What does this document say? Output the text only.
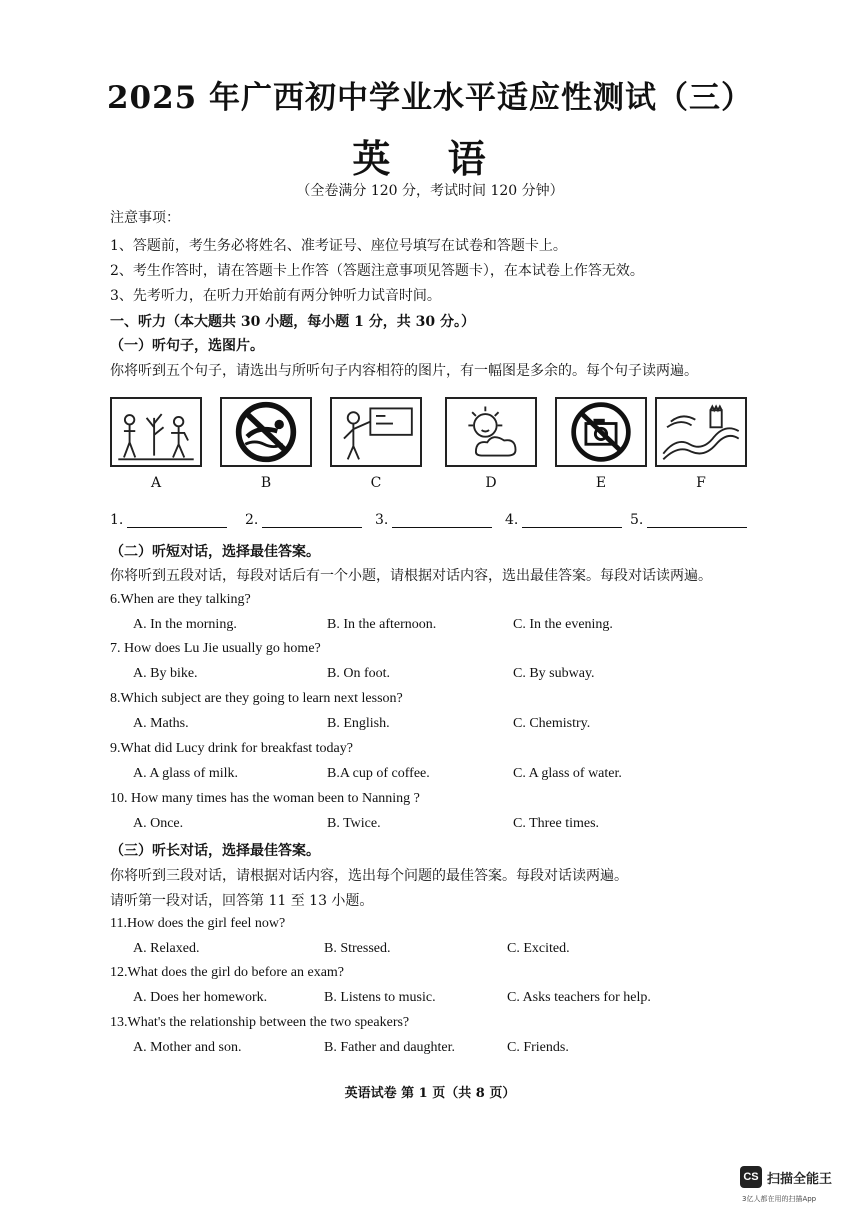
2025 年广西初中学业水平适应性测试（三）
英 语
（全卷满分 120 分，考试时间 120 分钟）
注意事项：
1、答题前，考生务必将姓名、准考证号、座位号填写在试卷和答题卡上。
2、考生作答时，请在答题卡上作答（答题注意事项见答题卡），在本试卷上作答无效。
3、先考听力，在听力开始前有两分钟听力试音时间。
一、听力（本大题共 30 小题，每小题 1 分，共 30 分。）
（一）听句子，选图片。
你将听到五个句子，请选出与所听句子内容相符的图片，有一幅图是多余的。每个句子读两遍。
A	B	C	D	E	F
1.	2.	3.	4.	5.
（二）听短对话，选择最佳答案。
你将听到五段对话，每段对话后有一个小题，请根据对话内容，选出最佳答案。每段对话读两遍。
6.When are they talking?
A. In the morning.	B. In the afternoon.	C. In the evening.
7. How does Lu Jie usually go home?
A. By bike.	B. On foot.	C. By subway.
8.Which subject are they going to learn next lesson?
A. Maths.	B. English.	C. Chemistry.
9.What did Lucy drink for breakfast today?
A. A glass of milk.	B.A cup of coffee.	C. A glass of water.
10. How many times has the woman been to Nanning ?
A. Once.	B. Twice.	C. Three times.
（三）听长对话，选择最佳答案。
你将听到三段对话，请根据对话内容，选出每个问题的最佳答案。每段对话读两遍。
请听第一段对话，回答第 11 至 13 小题。
11.How does the girl feel now?
A. Relaxed.	B. Stressed.	C. Excited.
12.What does the girl do before an exam?
A. Does her homework.	B. Listens to music.	C. Asks teachers for help.
13.What's the relationship between the two speakers?
A. Mother and son.	B. Father and daughter.	C. Friends.
英语试卷 第 1 页（共 8 页）
CS 扫描全能王
3亿人都在用的扫描App
